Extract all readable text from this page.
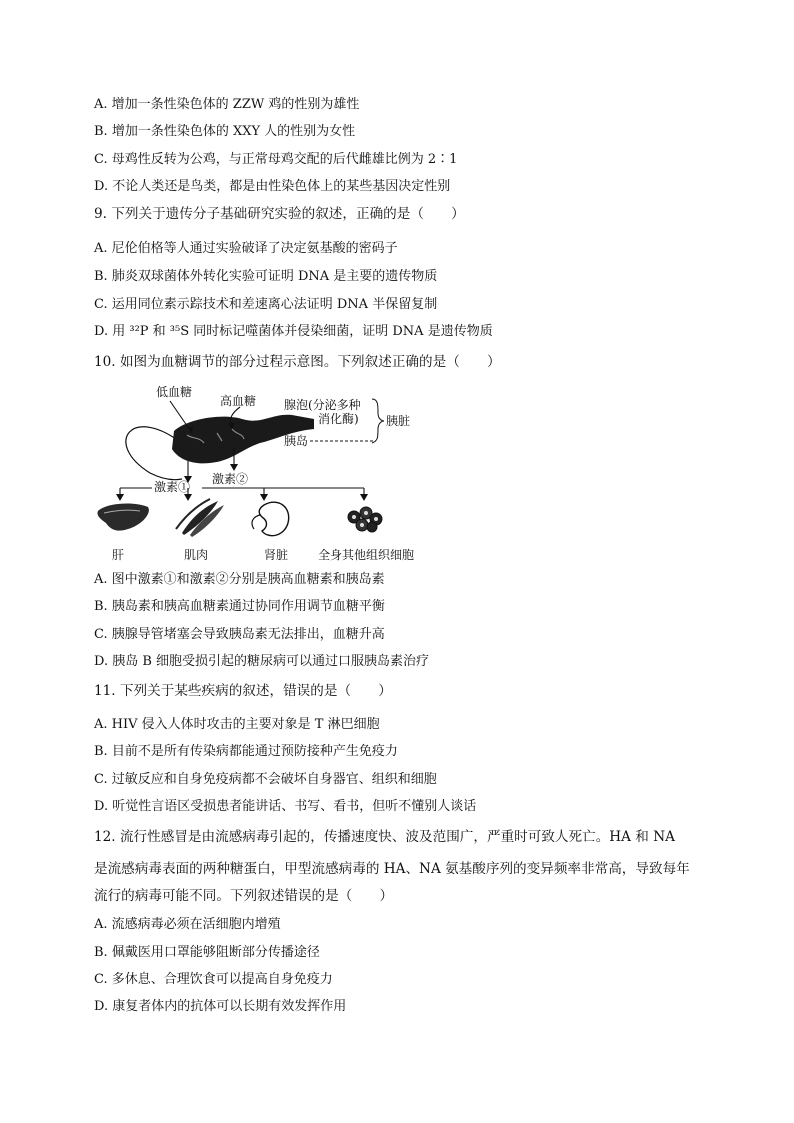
A. 增加一条性染色体的 ZZW 鸡的性别为雄性
B. 增加一条性染色体的 XXY 人的性别为女性
C. 母鸡性反转为公鸡，与正常母鸡交配的后代雌雄比例为 2∶1
D. 不论人类还是鸟类，都是由性染色体上的某些基因决定性别
9. 下列关于遗传分子基础研究实验的叙述，正确的是（　　）
A. 尼伦伯格等人通过实验破译了决定氨基酸的密码子
B. 肺炎双球菌体外转化实验可证明 DNA 是主要的遗传物质
C. 运用同位素示踪技术和差速离心法证明 DNA 半保留复制
D. 用 ³²P 和 ³⁵S 同时标记噬菌体并侵染细菌，证明 DNA 是遗传物质
10. 如图为血糖调节的部分过程示意图。下列叙述正确的是（　　）
低血糖
高血糖 腺泡(分泌多种
消化酶)
胰岛
胰脏
激素②
激素①
肝	肌肉	肾脏 全身其他组织细胞
A. 图中激素①和激素②分别是胰高血糖素和胰岛素
B. 胰岛素和胰高血糖素通过协同作用调节血糖平衡
C. 胰腺导管堵塞会导致胰岛素无法排出，血糖升高
D. 胰岛 B 细胞受损引起的糖尿病可以通过口服胰岛素治疗
11. 下列关于某些疾病的叙述，错误的是（　　）
A. HIV 侵入人体时攻击的主要对象是 T 淋巴细胞
B. 目前不是所有传染病都能通过预防接种产生免疫力
C. 过敏反应和自身免疫病都不会破坏自身器官、组织和细胞
D. 听觉性言语区受损患者能讲话、书写、看书，但听不懂别人谈话
12. 流行性感冒是由流感病毒引起的，传播速度快、波及范围广，严重时可致人死亡。HA 和 NA
是流感病毒表面的两种糖蛋白，甲型流感病毒的 HA、NA 氨基酸序列的变异频率非常高，导致每年
流行的病毒可能不同。下列叙述错误的是（　　）
A. 流感病毒必须在活细胞内增殖
B. 佩戴医用口罩能够阻断部分传播途径
C. 多休息、合理饮食可以提高自身免疫力
D. 康复者体内的抗体可以长期有效发挥作用
